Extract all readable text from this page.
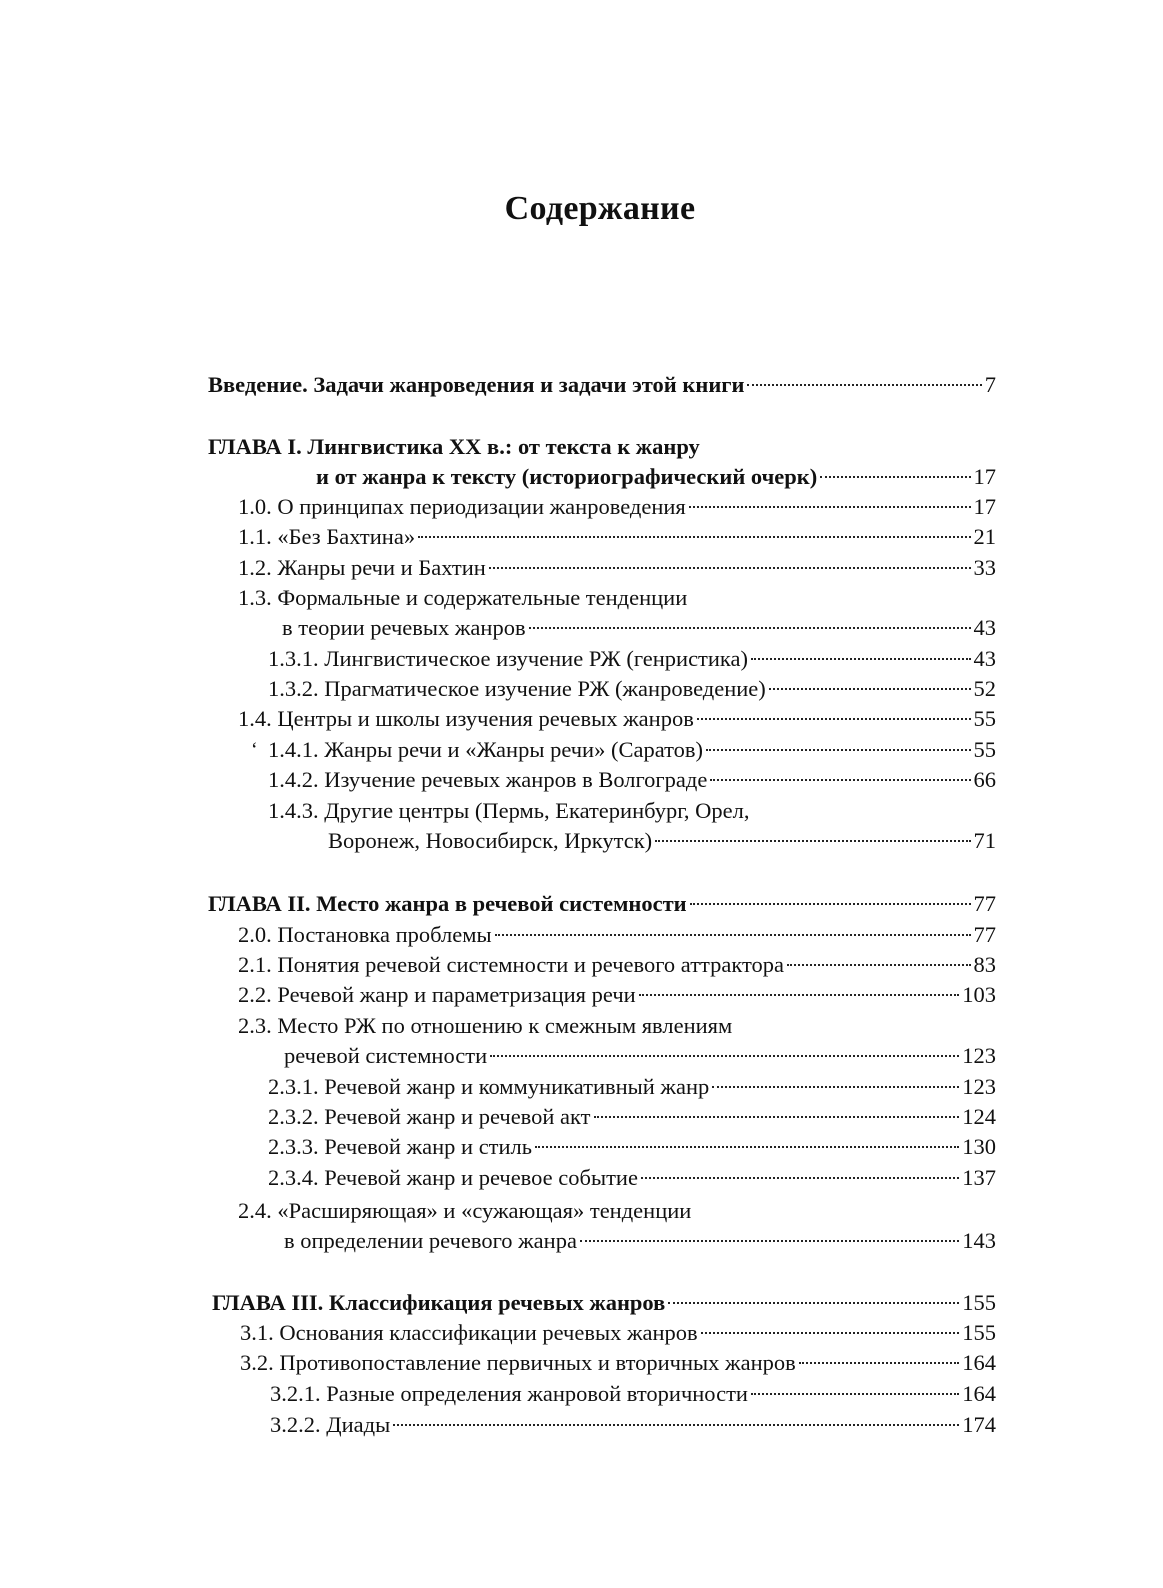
Содержание
Введение. Задачи жанроведения и задачи этой книги	7
ГЛАВА I. Лингвистика XX в.: от текста к жанру
и от жанра к тексту (историографический очерк)	17
1.0. О принципах периодизации жанроведения	17
1.1. «Без Бахтина»	21
1.2. Жанры речи и Бахтин	33
1.3. Формальные и содержательные тенденции
в теории речевых жанров	43
1.3.1. Лингвистическое изучение РЖ (генристика)	43
1.3.2. Прагматическое изучение РЖ (жанроведение)	52
1.4. Центры и школы изучения речевых жанров	55
‘ 1.4.1. Жанры речи и «Жанры речи» (Саратов)	55
1.4.2. Изучение речевых жанров в Волгограде	66
1.4.3. Другие центры (Пермь, Екатеринбург, Орел,
Воронеж, Новосибирск, Иркутск)	71
ГЛАВА II. Место жанра в речевой системности	77
2.0. Постановка проблемы	77
2.1. Понятия речевой системности и речевого аттрактора	83
2.2. Речевой жанр и параметризация речи	103
2.3. Место РЖ по отношению к смежным явлениям
речевой системности	123
2.3.1. Речевой жанр и коммуникативный жанр	123
2.3.2. Речевой жанр и речевой акт	124
2.3.3. Речевой жанр и стиль	130
2.3.4. Речевой жанр и речевое событие	137
2.4. «Расширяющая» и «сужающая» тенденции
в определении речевого жанра	143
ГЛАВА III. Классификация речевых жанров	155
3.1. Основания классификации речевых жанров	155
3.2. Противопоставление первичных и вторичных жанров	164
3.2.1. Разные определения жанровой вторичности	164
3.2.2. Диады	174
